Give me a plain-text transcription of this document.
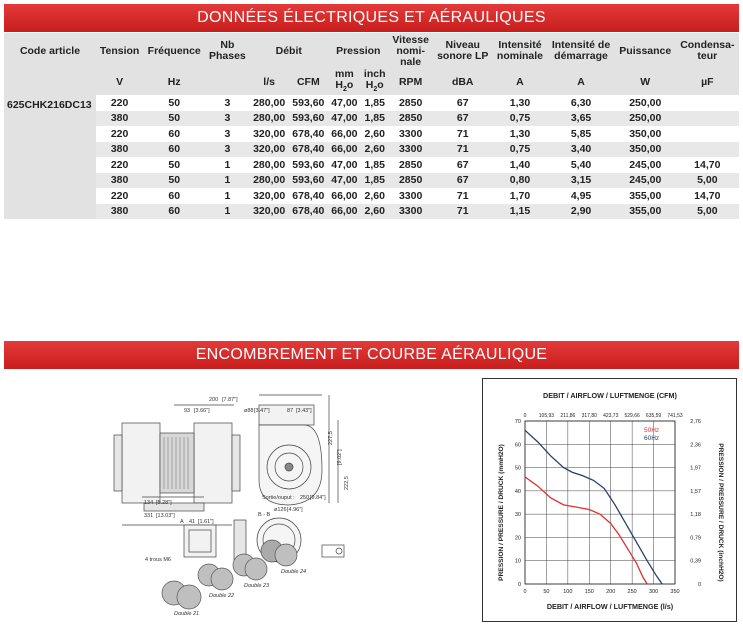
DONNÉES ÉLECTRIQUES ET AÉRAULIQUES
Code article	Tension	Fréquence	Nb
Phases	Débit		Pression		Vitesse
nomi-
nale	Niveau
sonore LP	Intensité
nominale	Intensité de
démarrage	Puissance	Condensa-
teur
	V	Hz		l/s	CFM	mm
$H_2o$	inch
$H_2o$	RPM	dBA	A	A	W	µF
625CHK216DC13	220	50	3	280,00	593,60	47,00	1,85	2850	67	1,30	6,30	250,00	
	380	50	3	280,00	593,60	47,00	1,85	2850	67	0,75	3,65	250,00	
	220	60	3	320,00	678,40	66,00	2,60	3300	71	1,30	5,85	350,00	
	380	60	3	320,00	678,40	66,00	2,60	3300	71	0,75	3,40	350,00	
	220	50	1	280,00	593,60	47,00	1,85	2850	67	1,40	5,40	245,00	14,70
	380	50	1	280,00	593,60	47,00	1,85	2850	67	0,80	3,15	245,00	5,00
	220	60	1	320,00	678,40	66,00	2,60	3300	71	1,70	4,95	355,00	14,70
	380	60	1	320,00	678,40	66,00	2,60	3300	71	1,15	2,90	355,00	5,00
ENCOMBREMENT ET COURBE AÉRAULIQUE
200 [7.87"]
93 [3.66"]	ø88 [3.47"]	87 [3.43"]
227,5
[9.02"]
222,5
134 [5.28"]
331 [13.03"]
Sortie/ouput : 250 [9.84"]
ø126 [4.96"]
A 41 [1.61"]
B - B
4 trous M6
Double 21
Double 22
Double 23
Double 24
0
0
50
105,93
100
211,86
150
317,80
200
423,73
250
529,66
300
635,59
350
741,53
0	0
10	0,39
20	0,79
30	1,18
40	1,57
50	1,97
60	2,36
70	2,76
50Hz
60Hz
DEBIT / AIRFLOW / LUFTMENGE (CFM)
DEBIT / AIRFLOW / LUFTMENGE (l/s)
PRESSION / PRESSURE / DRUCK (mmH2O)	PRESSION / PRESSURE / DRUCK (inchH2O)
